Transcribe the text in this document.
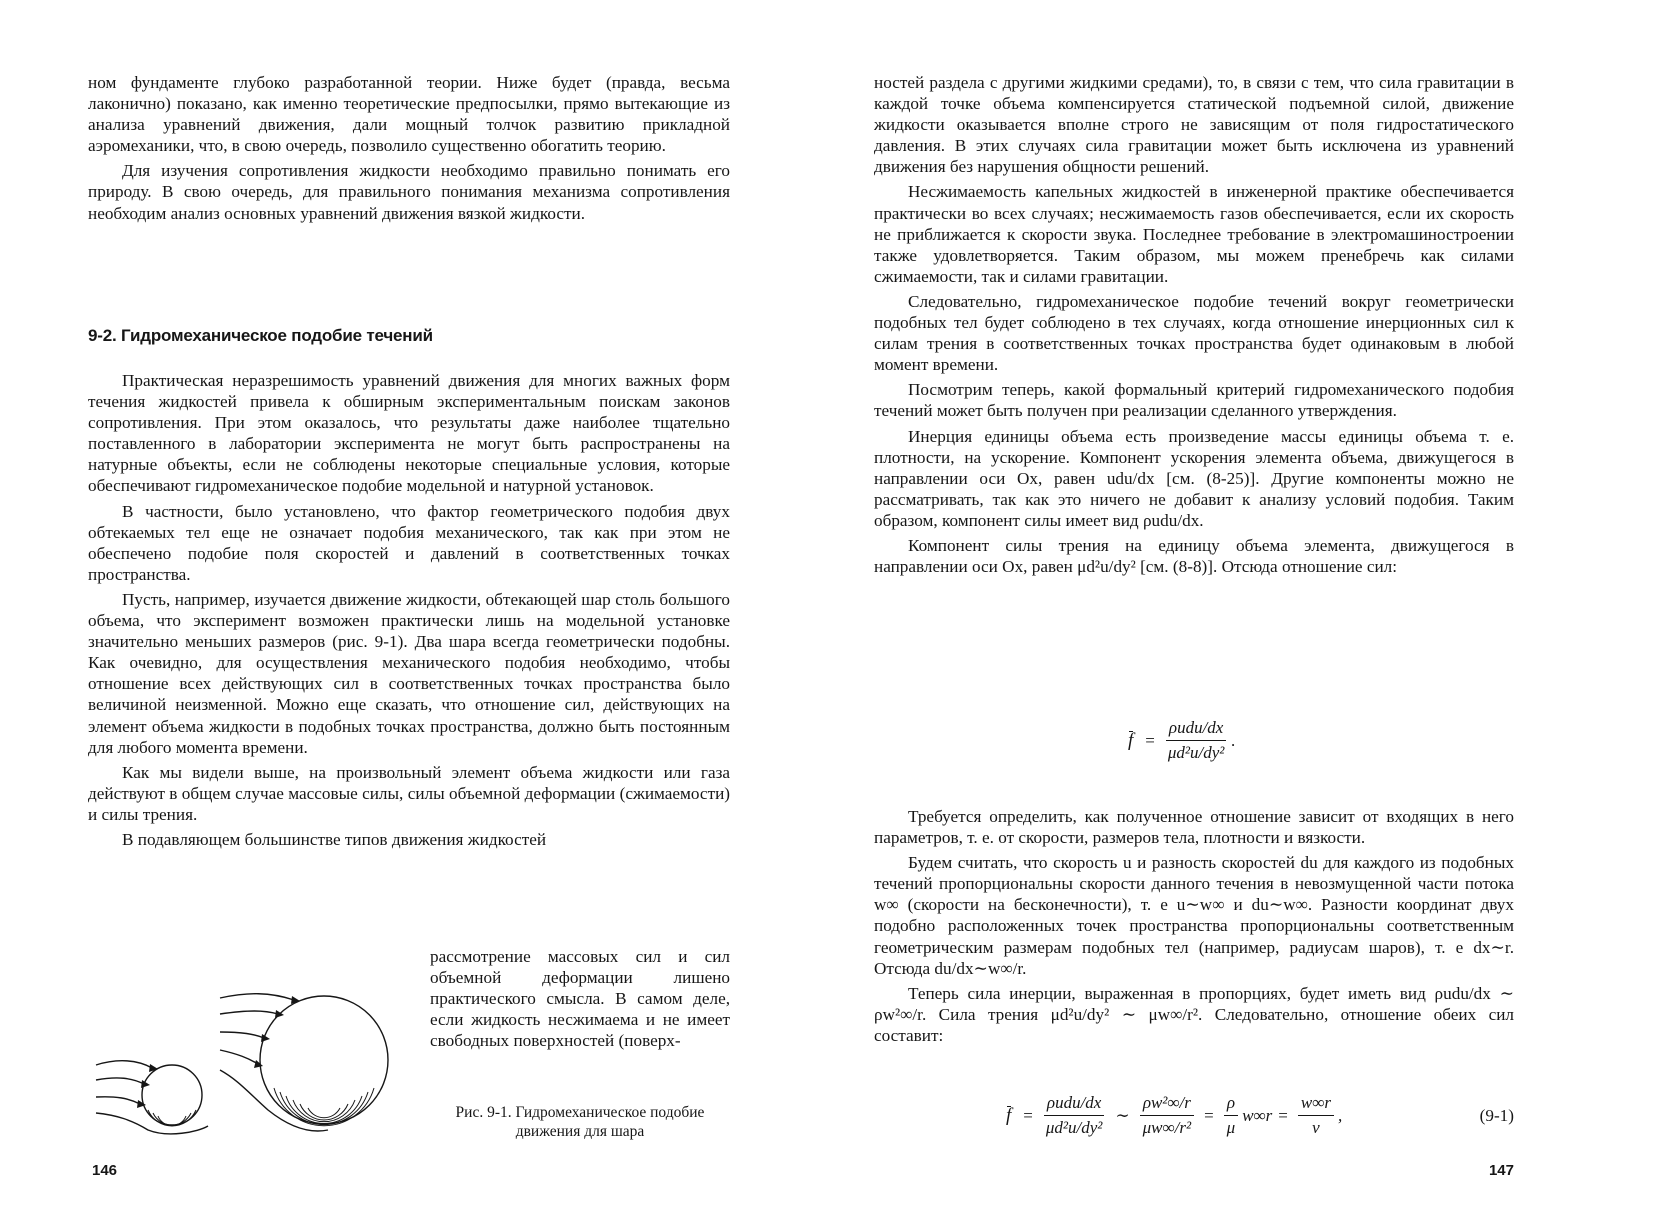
ном фундаменте глубоко разработанной теории. Ниже будет (правда, весьма лаконично) показано, как именно теоретические предпосылки, прямо вытекающие из анализа уравнений движения, дали мощный толчок развитию прикладной аэромеханики, что, в свою очередь, позволило существенно обогатить теорию.

Для изучения сопротивления жидкости необходимо правильно понимать его природу. В свою очередь, для правильного понимания механизма сопротивления необходим анализ основных уравнений движения вязкой жидкости.

9-2. Гидромеханическое подобие течений

Практическая неразрешимость уравнений движения для многих важных форм течения жидкостей привела к обширным экспериментальным поискам законов сопротивления. При этом оказалось, что результаты даже наиболее тщательно поставленного в лаборатории эксперимента не могут быть распространены на натурные объекты, если не соблюдены некоторые специальные условия, которые обеспечивают гидромеханическое подобие модельной и натурной установок.

В частности, было установлено, что фактор геометрического подобия двух обтекаемых тел еще не означает подобия механического, так как при этом не обеспечено подобие поля скоростей и давлений в соответственных точках пространства.

Пусть, например, изучается движение жидкости, обтекающей шар столь большого объема, что эксперимент возможен практически лишь на модельной установке значительно меньших размеров (рис. 9-1). Два шара всегда геометрически подобны. Как очевидно, для осуществления механического подобия необходимо, чтобы отношение всех действующих сил в соответственных точках пространства было величиной неизменной. Можно еще сказать, что отношение сил, действующих на элемент объема жидкости в подобных точках пространства, должно быть постоянным для любого момента времени.

Как мы видели выше, на произвольный элемент объема жидкости или газа действуют в общем случае массовые силы, силы объемной деформации (сжимаемости) и силы трения.

В подавляющем большинстве типов движения жидкостей

рассмотрение массовых сил и сил объемной деформации лишено практического смысла. В самом деле, если жидкость несжимаема и не имеет свободных поверхностей (поверх-

Рис. 9-1. Гидромеханическое подобие движения для шара

146

ностей раздела с другими жидкими средами), то, в связи с тем, что сила гравитации в каждой точке объема компенсируется статической подъемной силой, движение жидкости оказывается вполне строго не зависящим от поля гидростатического давления. В этих случаях сила гравитации может быть исключена из уравнений движения без нарушения общности решений.

Несжимаемость капельных жидкостей в инженерной практике обеспечивается практически во всех случаях; несжимаемость газов обеспечивается, если их скорость не приближается к скорости звука. Последнее требование в электромашиностроении также удовлетворяется. Таким образом, мы можем пренебречь как силами сжимаемости, так и силами гравитации.

Следовательно, гидромеханическое подобие течений вокруг геометрически подобных тел будет соблюдено в тех случаях, когда отношение инерционных сил к силам трения в соответственных точках пространства будет одинаковым в любой момент времени.

Посмотрим теперь, какой формальный критерий гидромеханического подобия течений может быть получен при реализации сделанного утверждения.

Инерция единицы объема есть произведение массы единицы объема т. е. плотности, на ускорение. Компонент ускорения элемента объема, движущегося в направлении оси Ox, равен udu/dx [см. (8-25)]. Другие компоненты можно не рассматривать, так как это ничего не добавит к анализу условий подобия. Таким образом, компонент силы имеет вид ρudu/dx.

Компонент силы трения на единицу объема элемента, движущегося в направлении оси Ox, равен μd²u/dy² [см. (8-8)]. Отсюда отношение сил:

$f = \frac{\text{ρudu/dx}}{\text{μd²u/dy²}}$ .

Требуется определить, как полученное отношение зависит от входящих в него параметров, т. е. от скорости, размеров тела, плотности и вязкости.

Будем считать, что скорость u и разность скоростей du для каждого из подобных течений пропорциональны скорости данного течения в невозмущенной части потока w∞ (скорости на бесконечности), т. е u∼w∞ и du∼w∞. Разности координат двух подобно расположенных точек пространства пропорциональны соответственным геометрическим размерам подобных тел (например, радиусам шаров), т. е dx∼r. Отсюда du/dx∼w∞/r.

Теперь сила инерции, выраженная в пропорциях, будет иметь вид ρudu/dx ∼ ρw²∞/r. Сила трения μd²u/dy² ∼ μw∞/r². Следовательно, отношение обеих сил составит:

$f = \frac{\text{ρudu/dx}}{\text{μd²u/dy²}}$ ∼ $\frac{\text{ρw²∞/r}}{\text{μw∞/r²}} = \frac{\rho}{\mu} w\infty r = \frac{w\infty r}{\nu}$ ,	(9-1)

147
